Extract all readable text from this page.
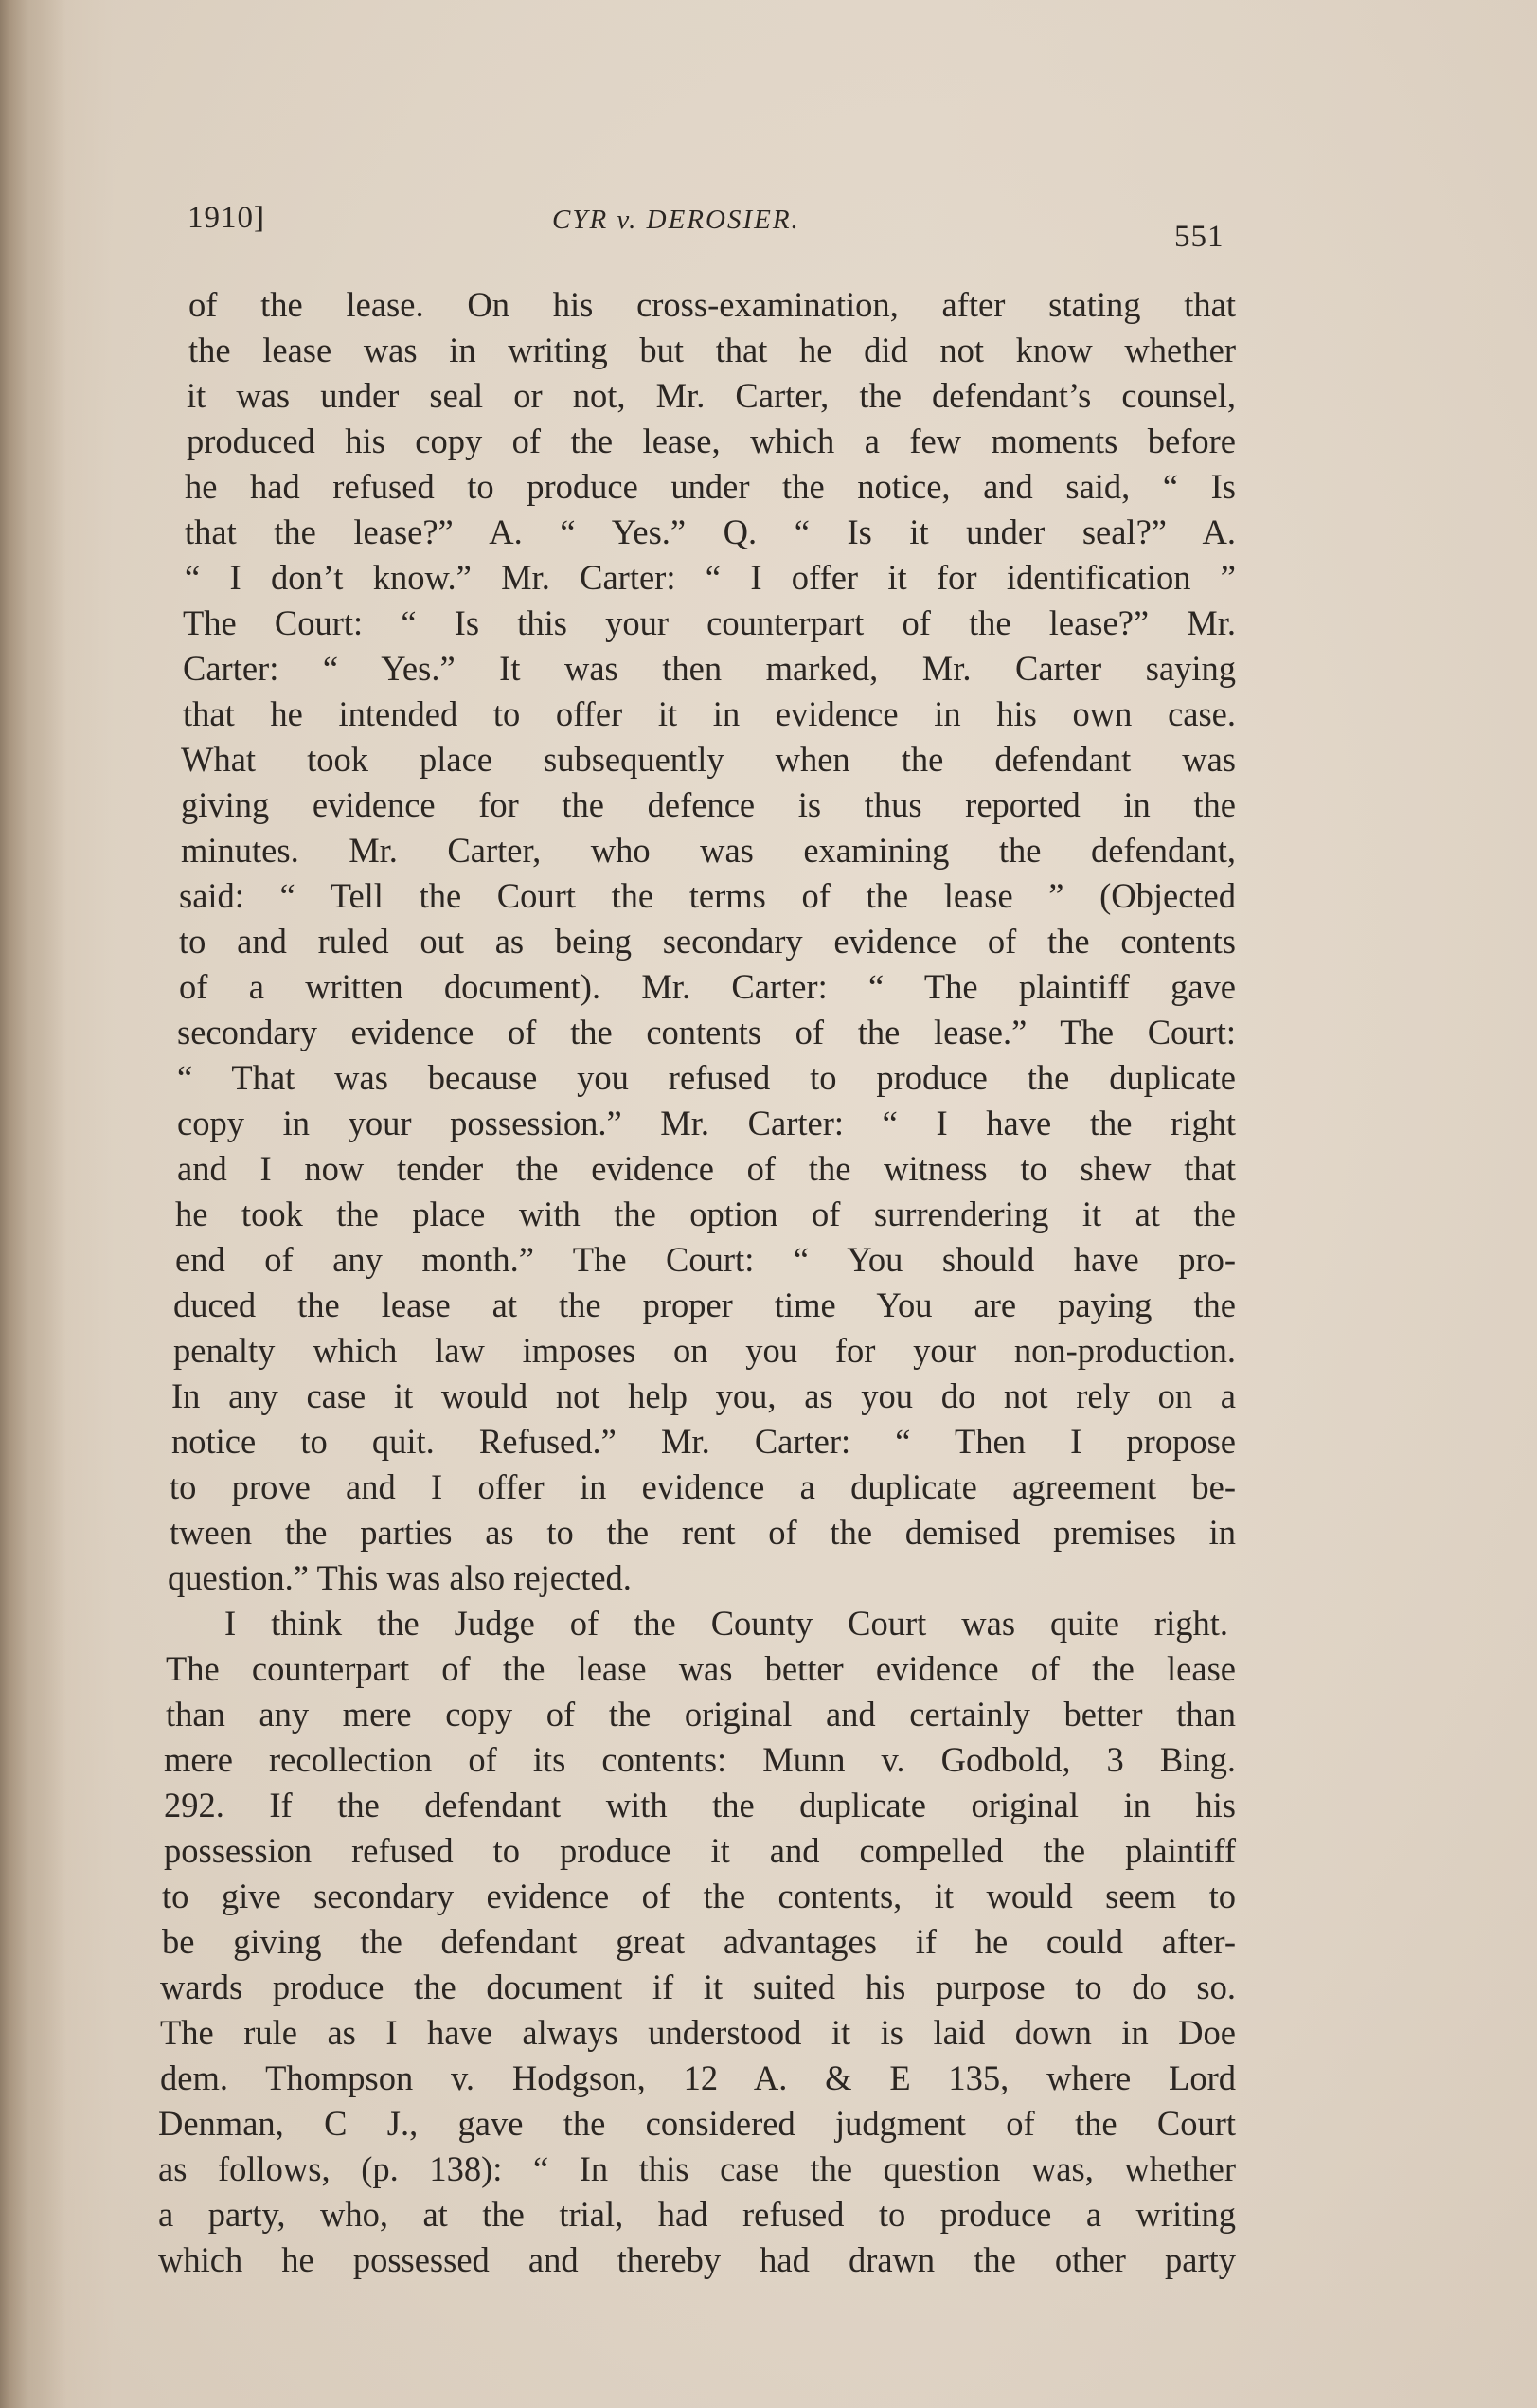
1910]	CYR v. DEROSIER.	551
of the lease. On his cross-examination, after stating that
the lease was in writing but that he did not know whether
it was under seal or not, Mr. Carter, the defendant’s counsel,
produced his copy of the lease, which a few moments before
he had refused to produce under the notice, and said, “ Is
that the lease?” A. “ Yes.” Q. “ Is it under seal?” A.
“ I don’t know.” Mr. Carter: “ I offer it for identification ”
The Court: “ Is this your counterpart of the lease?” Mr.
Carter: “ Yes.” It was then marked, Mr. Carter saying
that he intended to offer it in evidence in his own case.
What took place subsequently when the defendant was
giving evidence for the defence is thus reported in the
minutes. Mr. Carter, who was examining the defendant,
said: “ Tell the Court the terms of the lease ” (Objected
to and ruled out as being secondary evidence of the contents
of a written document). Mr. Carter: “ The plaintiff gave
secondary evidence of the contents of the lease.” The Court:
“ That was because you refused to produce the duplicate
copy in your possession.” Mr. Carter: “ I have the right
and I now tender the evidence of the witness to shew that
he took the place with the option of surrendering it at the
end of any month.” The Court: “ You should have pro-
duced the lease at the proper time You are paying the
penalty which law imposes on you for your non-production.
In any case it would not help you, as you do not rely on a
notice to quit. Refused.” Mr. Carter: “ Then I propose
to prove and I offer in evidence a duplicate agreement be-
tween the parties as to the rent of the demised premises in
question.” This was also rejected.
I think the Judge of the County Court was quite right.
The counterpart of the lease was better evidence of the lease
than any mere copy of the original and certainly better than
mere recollection of its contents: Munn v. Godbold, 3 Bing.
292. If the defendant with the duplicate original in his
possession refused to produce it and compelled the plaintiff
to give secondary evidence of the contents, it would seem to
be giving the defendant great advantages if he could after-
wards produce the document if it suited his purpose to do so.
The rule as I have always understood it is laid down in Doe
dem. Thompson v. Hodgson, 12 A. & E 135, where Lord
Denman, C J., gave the considered judgment of the Court
as follows, (p. 138): “ In this case the question was, whether
a party, who, at the trial, had refused to produce a writing
which he possessed and thereby had drawn the other party
